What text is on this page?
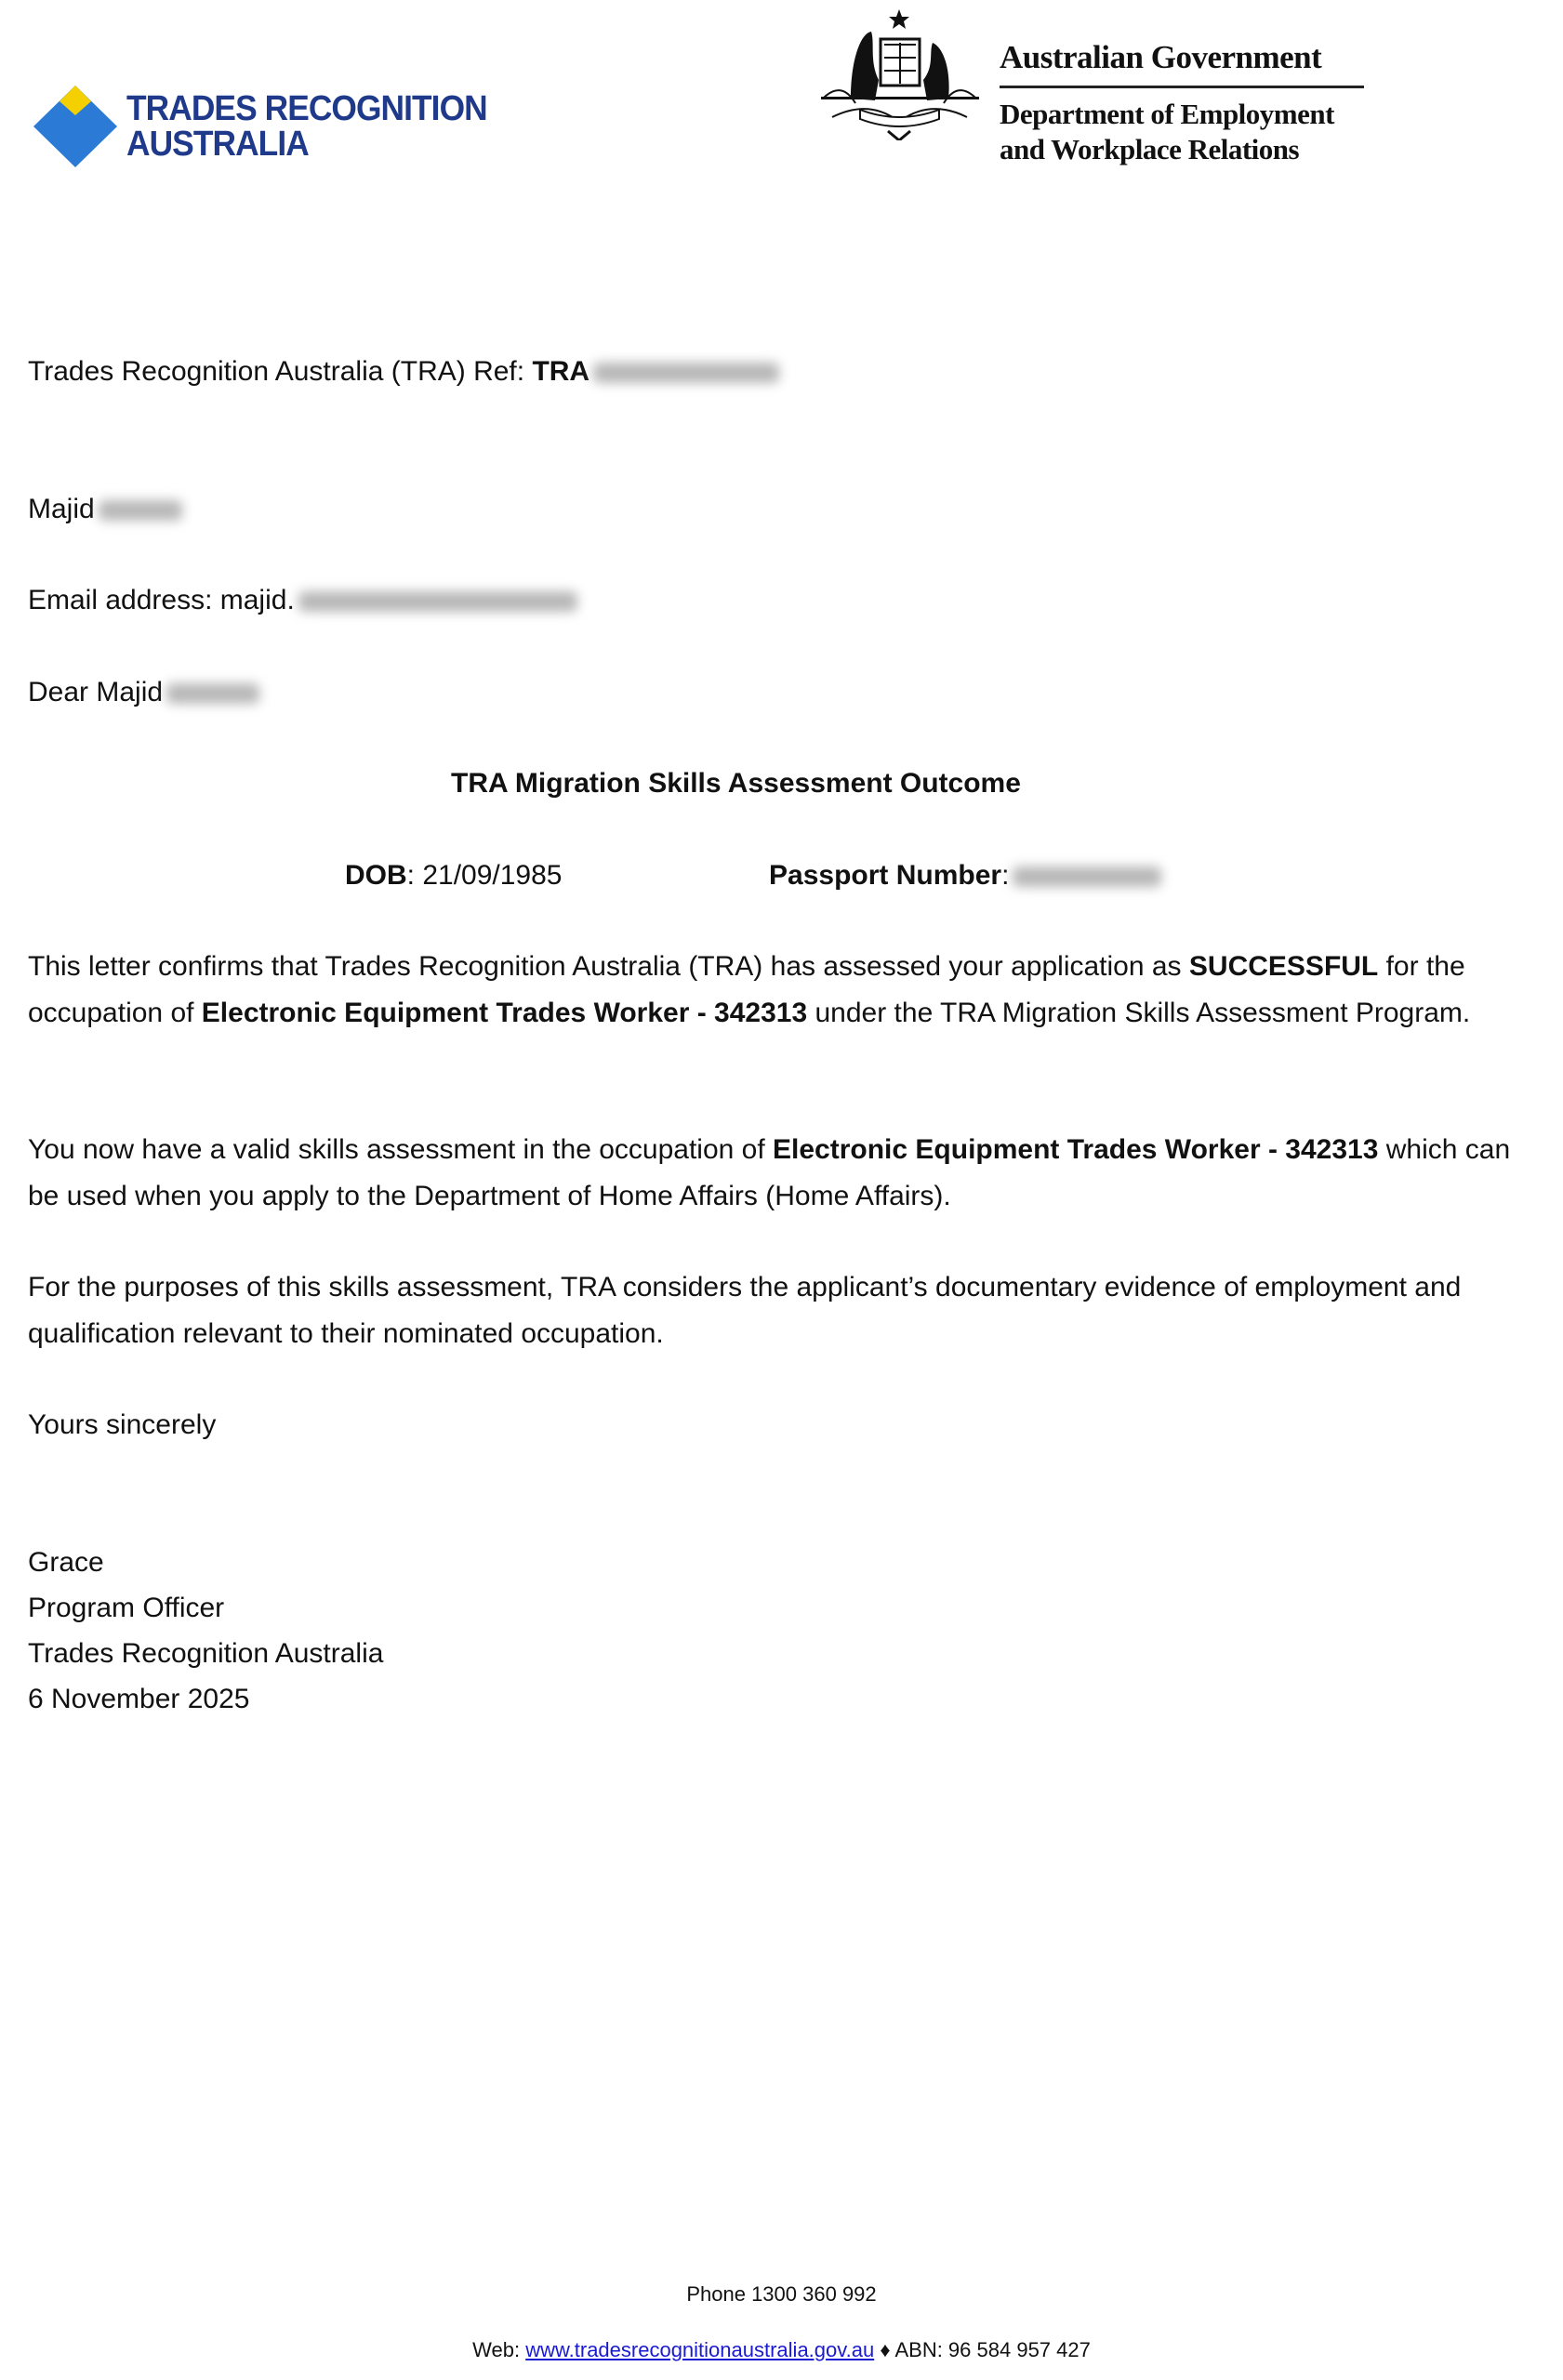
TRADES RECOGNITION
AUSTRALIA
Australian Government
Department of Employment
and Workplace Relations
Trades Recognition Australia (TRA) Ref: TRA
Majid
Email address: majid.
Dear Majid
TRA Migration Skills Assessment Outcome
DOB: 21/09/1985	Passport Number:
This letter confirms that Trades Recognition Australia (TRA) has assessed your application as SUCCESSFUL for the occupation of Electronic Equipment Trades Worker - 342313 under the TRA Migration Skills Assessment Program.
You now have a valid skills assessment in the occupation of Electronic Equipment Trades Worker - 342313 which can be used when you apply to the Department of Home Affairs (Home Affairs).
For the purposes of this skills assessment, TRA considers the applicant’s documentary evidence of employment and qualification relevant to their nominated occupation.
Yours sincerely
Grace
Program Officer
Trades Recognition Australia
6 November 2025
Phone 1300 360 992
Web: www.tradesrecognitionaustralia.gov.au ♦ ABN: 96 584 957 427
